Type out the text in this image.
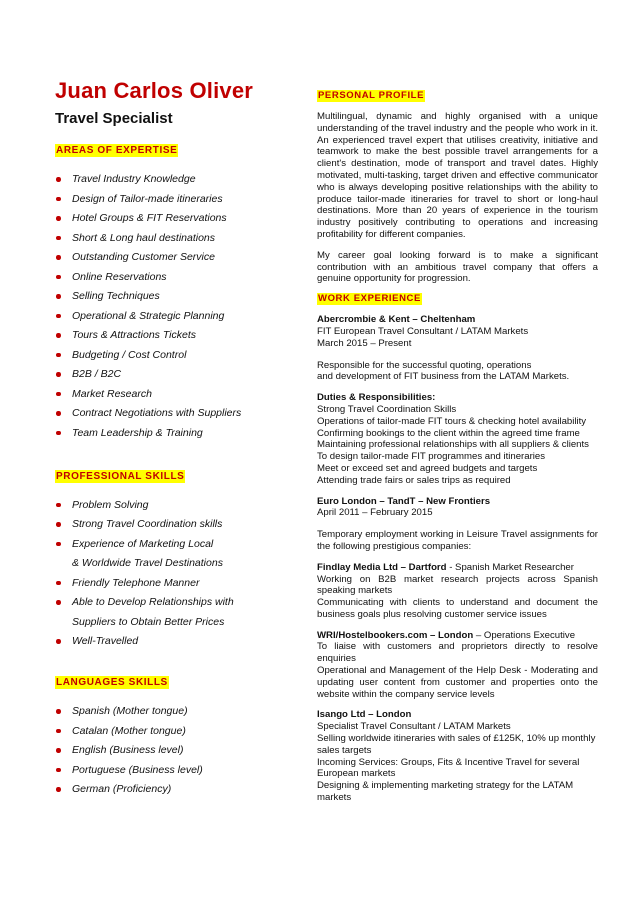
Juan Carlos Oliver
Travel Specialist
AREAS OF EXPERTISE
Travel Industry Knowledge
Design of Tailor-made itineraries
Hotel Groups & FIT Reservations
Short & Long haul destinations
Outstanding Customer Service
Online Reservations
Selling Techniques
Operational & Strategic Planning
Tours & Attractions Tickets
Budgeting / Cost Control
B2B / B2C
Market Research
Contract Negotiations with Suppliers
Team Leadership & Training
PROFESSIONAL SKILLS
Problem Solving
Strong Travel Coordination skills
Experience of Marketing Local
& Worldwide Travel Destinations
Friendly Telephone Manner
Able to Develop Relationships with
Suppliers to Obtain Better Prices
Well-Travelled
LANGUAGES SKILLS
Spanish (Mother tongue)
Catalan (Mother tongue)
English (Business level)
Portuguese (Business level)
German (Proficiency)
PERSONAL PROFILE

Multilingual, dynamic and highly organised with a unique understanding of the travel industry and the people who work in it. An experienced travel expert that utilises creativity, initiative and teamwork to make the best possible travel arrangements for a client's destination, mode of transport and travel dates. Highly motivated, multi-tasking, target driven and effective communicator who is always developing positive relationships with the ability to produce tailor-made itineraries for travel to short or long-haul destinations. More than 20 years of experience in the tourism industry positively contributing to operations and increasing profitability for different companies.

My career goal looking forward is to make a significant contribution with an ambitious travel company that offers a genuine opportunity for progression.

WORK EXPERIENCE
Abercrombie & Kent – Cheltenham
FIT European Travel Consultant / LATAM Markets
March 2015 – Present
Responsible for the successful quoting, operations
and development of FIT business from the LATAM Markets.
Duties & Responsibilities:
Strong Travel Coordination Skills
Operations of tailor-made FIT tours & checking hotel availability
Confirming bookings to the client within the agreed time frame
Maintaining professional relationships with all suppliers & clients
To design tailor-made FIT programmes and itineraries
Meet or exceed set and agreed budgets and targets
Attending trade fairs or sales trips as required
Euro London – TandT – New Frontiers
April 2011 – February 2015

Temporary employment working in Leisure Travel assignments for the following prestigious companies:

Findlay Media Ltd – Dartford - Spanish Market Researcher

Working on B2B market research projects across Spanish speaking markets

Communicating with clients to understand and document the business goals plus resolving customer service issues

WRI/Hostelbookers.com – London – Operations Executive

To liaise with customers and proprietors directly to resolve enquiries

Operational and Management of the Help Desk - Moderating and updating user content from customer and properties onto the website within the company service levels

Isango Ltd – London
Specialist Travel Consultant / LATAM Markets
Selling worldwide itineraries with sales of £125K, 10% up monthly sales targets
Incoming Services: Groups, Fits & Incentive Travel for several European markets
Designing & implementing marketing strategy for the LATAM markets
